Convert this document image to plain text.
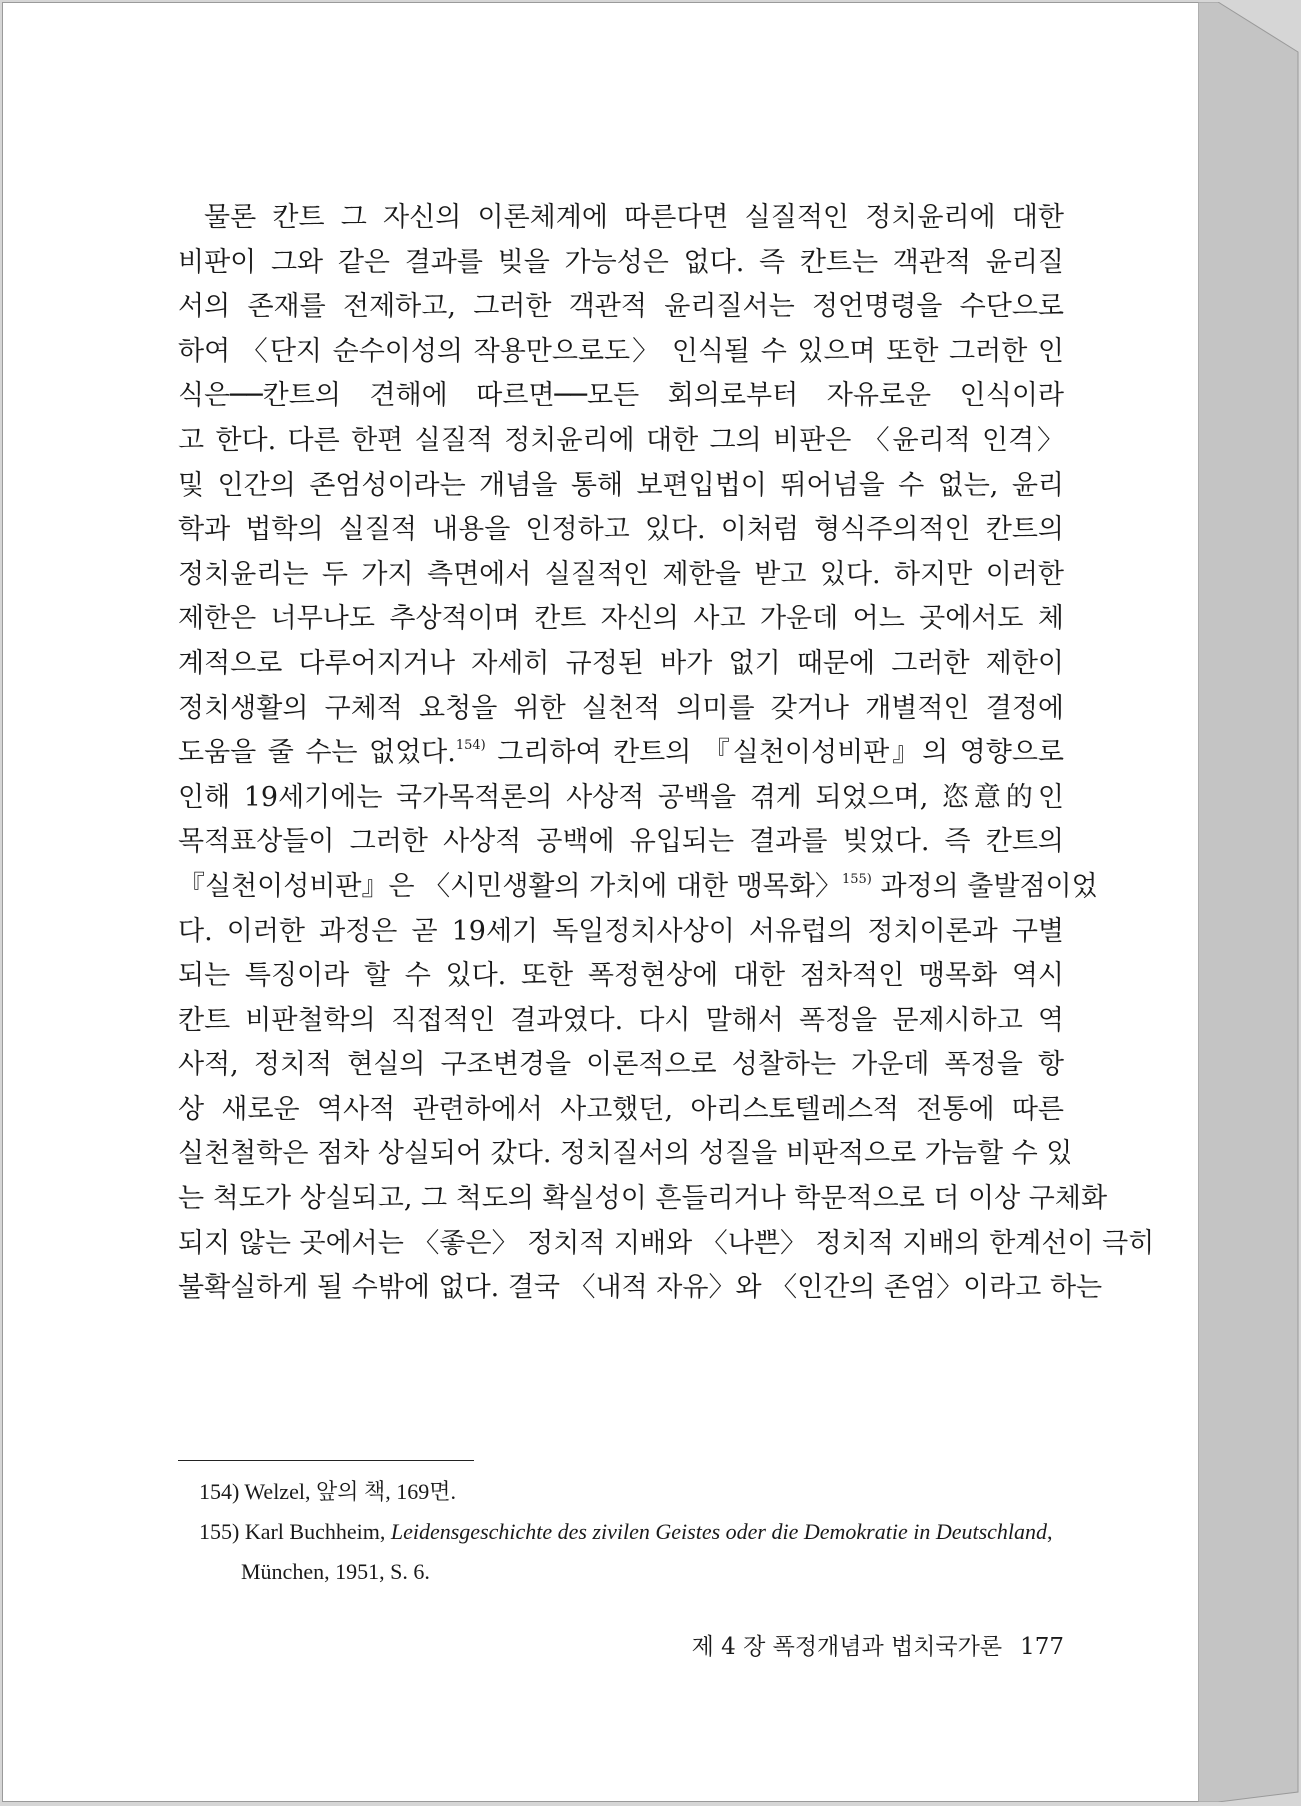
물론 칸트 그 자신의 이론체계에 따른다면 실질적인 정치윤리에 대한
비판이 그와 같은 결과를 빚을 가능성은 없다. 즉 칸트는 객관적 윤리질
서의 존재를 전제하고, 그러한 객관적 윤리질서는 정언명령을 수단으로
하여 〈단지 순수이성의 작용만으로도〉 인식될 수 있으며 또한 그러한 인
식은──칸트의 견해에 따르면──모든 회의로부터 자유로운 인식이라
고 한다. 다른 한편 실질적 정치윤리에 대한 그의 비판은 〈윤리적 인격〉
및 인간의 존엄성이라는 개념을 통해 보편입법이 뛰어넘을 수 없는, 윤리
학과 법학의 실질적 내용을 인정하고 있다. 이처럼 형식주의적인 칸트의
정치윤리는 두 가지 측면에서 실질적인 제한을 받고 있다. 하지만 이러한
제한은 너무나도 추상적이며 칸트 자신의 사고 가운데 어느 곳에서도 체
계적으로 다루어지거나 자세히 규정된 바가 없기 때문에 그러한 제한이
정치생활의 구체적 요청을 위한 실천적 의미를 갖거나 개별적인 결정에
도움을 줄 수는 없었다.$^{154)}$ 그리하여 칸트의 『실천이성비판』의 영향으로
인해 19세기에는 국가목적론의 사상적 공백을 겪게 되었으며, 恣意的인
목적표상들이 그러한 사상적 공백에 유입되는 결과를 빚었다. 즉 칸트의
『실천이성비판』은 〈시민생활의 가치에 대한 맹목화〉$^{155)}$ 과정의 출발점이었
다. 이러한 과정은 곧 19세기 독일정치사상이 서유럽의 정치이론과 구별
되는 특징이라 할 수 있다. 또한 폭정현상에 대한 점차적인 맹목화 역시
칸트 비판철학의 직접적인 결과였다. 다시 말해서 폭정을 문제시하고 역
사적, 정치적 현실의 구조변경을 이론적으로 성찰하는 가운데 폭정을 항
상 새로운 역사적 관련하에서 사고했던, 아리스토텔레스적 전통에 따른
실천철학은 점차 상실되어 갔다. 정치질서의 성질을 비판적으로 가늠할 수 있
는 척도가 상실되고, 그 척도의 확실성이 흔들리거나 학문적으로 더 이상 구체화
되지 않는 곳에서는 〈좋은〉 정치적 지배와 〈나쁜〉 정치적 지배의 한계선이 극히
불확실하게 될 수밖에 없다. 결국 〈내적 자유〉와 〈인간의 존엄〉이라고 하는
154) Welzel, 앞의 책, 169면.
155) Karl Buchheim, Leidensgeschichte des zivilen Geistes oder die Demokratie in Deutschland,
München, 1951, S. 6.
제 4 장 폭정개념과 법치국가론 177
